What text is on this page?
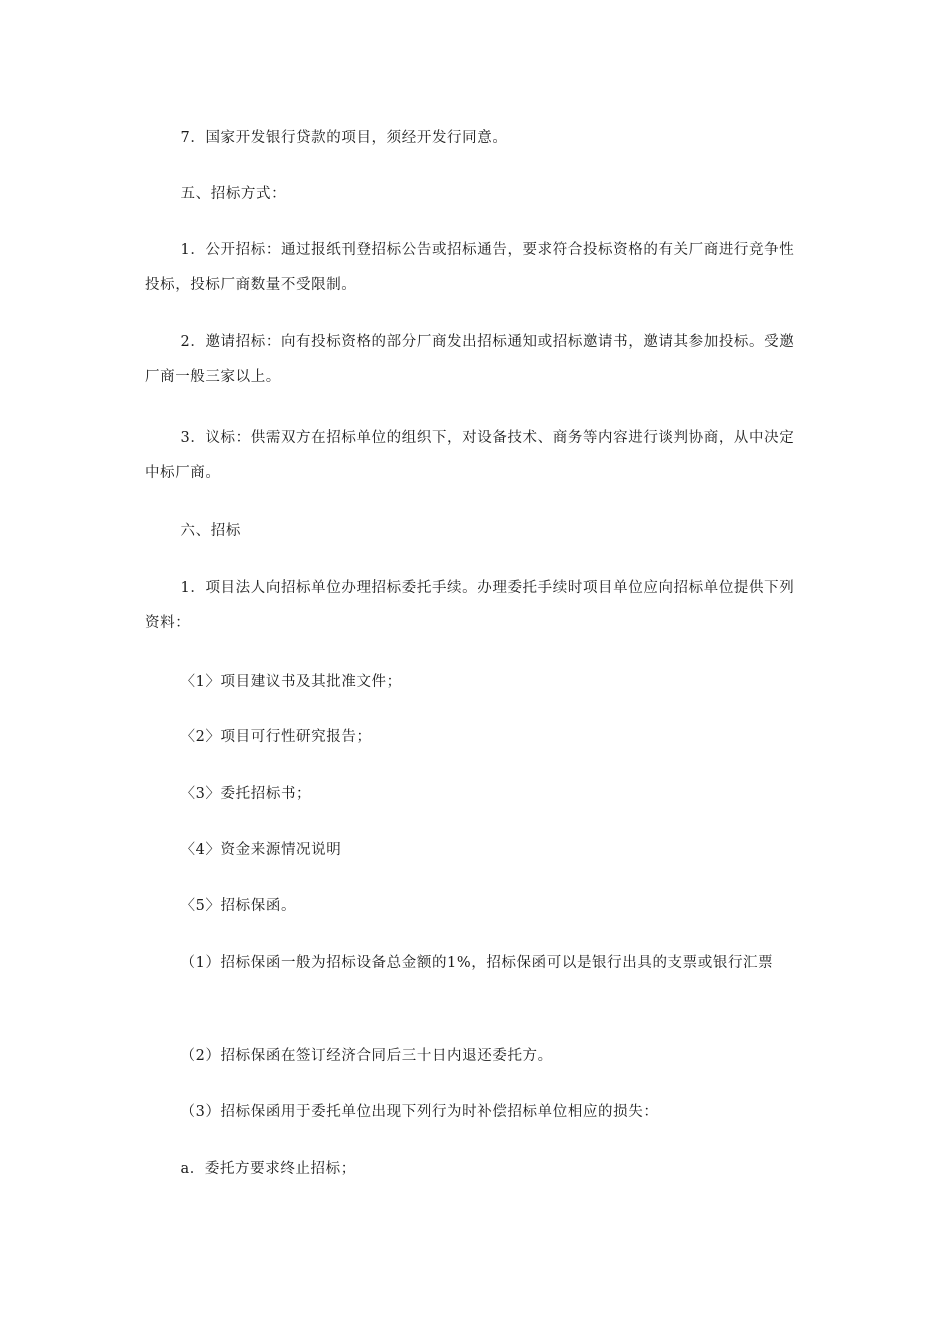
7．国家开发银行贷款的项目，须经开发行同意。

五、招标方式：

1．公开招标：通过报纸刊登招标公告或招标通告，要求符合投标资格的有关厂商进行竞争性投标，投标厂商数量不受限制。

2．邀请招标：向有投标资格的部分厂商发出招标通知或招标邀请书，邀请其参加投标。受邀厂商一般三家以上。

3．议标：供需双方在招标单位的组织下，对设备技术、商务等内容进行谈判协商，从中决定中标厂商。

六、招标

1．项目法人向招标单位办理招标委托手续。办理委托手续时项目单位应向招标单位提供下列资料：

〈1〉项目建议书及其批准文件；

〈2〉项目可行性研究报告；

〈3〉委托招标书；

〈4〉资金来源情况说明

〈5〉招标保函。

（1）招标保函一般为招标设备总金额的1%，招标保函可以是银行出具的支票或银行汇票

（2）招标保函在签订经济合同后三十日内退还委托方。

（3）招标保函用于委托单位出现下列行为时补偿招标单位相应的损失：

a．委托方要求终止招标；
